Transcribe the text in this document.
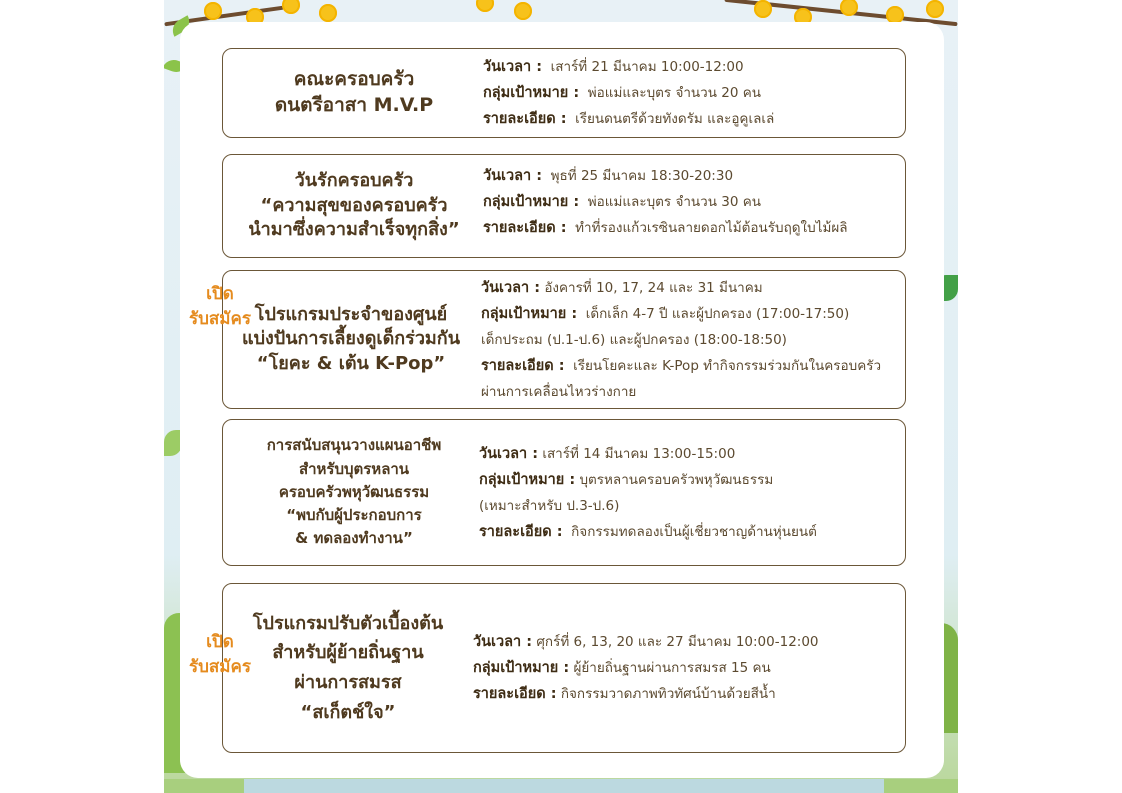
คณะครอบครัว
ดนตรีอาสา M.V.P
วันเวลา : เสาร์ที่ 21 มีนาคม 10:00-12:00
กลุ่มเป้าหมาย : พ่อแม่และบุตร จำนวน 20 คน
รายละเอียด : เรียนดนตรีด้วยทังดรัม และอูคูเลเล่
วันรักครอบครัว
“ความสุขของครอบครัว
นำมาซึ่งความสำเร็จทุกสิ่ง”
วันเวลา : พุธที่ 25 มีนาคม 18:30-20:30
กลุ่มเป้าหมาย : พ่อแม่และบุตร จำนวน 30 คน
รายละเอียด : ทำที่รองแก้วเรซินลายดอกไม้ต้อนรับฤดูใบไม้ผลิ
โปรแกรมประจำของศูนย์
แบ่งปันการเลี้ยงดูเด็กร่วมกัน
“โยคะ & เต้น K-Pop”
วันเวลา : อังคารที่ 10, 17, 24 และ 31 มีนาคม
กลุ่มเป้าหมาย : เด็กเล็ก 4-7 ปี และผู้ปกครอง (17:00-17:50)
เด็กประถม (ป.1-ป.6) และผู้ปกครอง (18:00-18:50)
รายละเอียด : เรียนโยคะและ K-Pop ทำกิจกรรมร่วมกันในครอบครัว
ผ่านการเคลื่อนไหวร่างกาย
การสนับสนุนวางแผนอาชีพ
สำหรับบุตรหลาน
ครอบครัวพหุวัฒนธรรม
“พบกับผู้ประกอบการ
& ทดลองทำงาน”
วันเวลา : เสาร์ที่ 14 มีนาคม 13:00-15:00
กลุ่มเป้าหมาย : บุตรหลานครอบครัวพหุวัฒนธรรม
(เหมาะสำหรับ ป.3-ป.6)
รายละเอียด : กิจกรรมทดลองเป็นผู้เชี่ยวชาญด้านหุ่นยนต์
โปรแกรมปรับตัวเบื้องต้น
สำหรับผู้ย้ายถิ่นฐาน
ผ่านการสมรส
“สเก็ตช์ใจ”
วันเวลา : ศุกร์ที่ 6, 13, 20 และ 27 มีนาคม 10:00-12:00
กลุ่มเป้าหมาย : ผู้ย้ายถิ่นฐานผ่านการสมรส 15 คน
รายละเอียด : กิจกรรมวาดภาพทิวทัศน์บ้านด้วยสีน้ำ
เปิด
รับสมัคร
เปิด
รับสมัคร
